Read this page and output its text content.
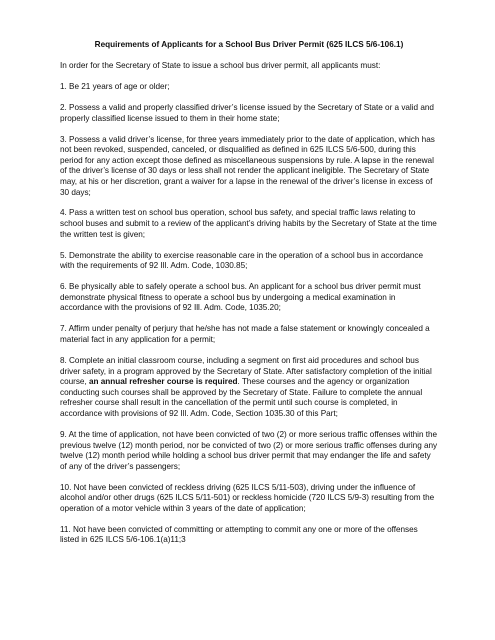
Requirements of Applicants for a School Bus Driver Permit (625 ILCS 5/6-106.1)
In order for the Secretary of State to issue a school bus driver permit, all applicants must:
1. Be 21 years of age or older;
2. Possess a valid and properly classified driver’s license issued by the Secretary of State or a valid and properly classified license issued to them in their home state;
3. Possess a valid driver’s license, for three years immediately prior to the date of application, which has not been revoked, suspended, canceled, or disqualified as defined in 625 ILCS 5/6-500, during this period for any action except those defined as miscellaneous suspensions by rule. A lapse in the renewal of the driver’s license of 30 days or less shall not render the applicant ineligible. The Secretary of State may, at his or her discretion, grant a waiver for a lapse in the renewal of the driver’s license in excess of 30 days;
4. Pass a written test on school bus operation, school bus safety, and special traffic laws relating to school buses and submit to a review of the applicant’s driving habits by the Secretary of State at the time the written test is given;
5. Demonstrate the ability to exercise reasonable care in the operation of a school bus in accordance with the requirements of 92 Ill. Adm. Code, 1030.85;
6. Be physically able to safely operate a school bus. An applicant for a school bus driver permit must demonstrate physical fitness to operate a school bus by undergoing a medical examination in accordance with the provisions of 92 Ill. Adm. Code, 1035.20;
7. Affirm under penalty of perjury that he/she has not made a false statement or knowingly concealed a material fact in any application for a permit;
8. Complete an initial classroom course, including a segment on first aid procedures and school bus driver safety, in a program approved by the Secretary of State. After satisfactory completion of the initial course, an annual refresher course is required. These courses and the agency or organization conducting such courses shall be approved by the Secretary of State. Failure to complete the annual refresher course shall result in the cancellation of the permit until such course is completed, in accordance with provisions of 92 Ill. Adm. Code, Section 1035.30 of this Part;
9. At the time of application, not have been convicted of two (2) or more serious traffic offenses within the previous twelve (12) month period, nor be convicted of two (2) or more serious traffic offenses during any twelve (12) month period while holding a school bus driver permit that may endanger the life and safety of any of the driver’s passengers;
10. Not have been convicted of reckless driving (625 ILCS 5/11-503), driving under the influence of alcohol and/or other drugs (625 ILCS 5/11-501) or reckless homicide (720 ILCS 5/9-3) resulting from the operation of a motor vehicle within 3 years of the date of application;
11. Not have been convicted of committing or attempting to commit any one or more of the offenses listed in 625 ILCS 5/6-106.1(a)11;3
